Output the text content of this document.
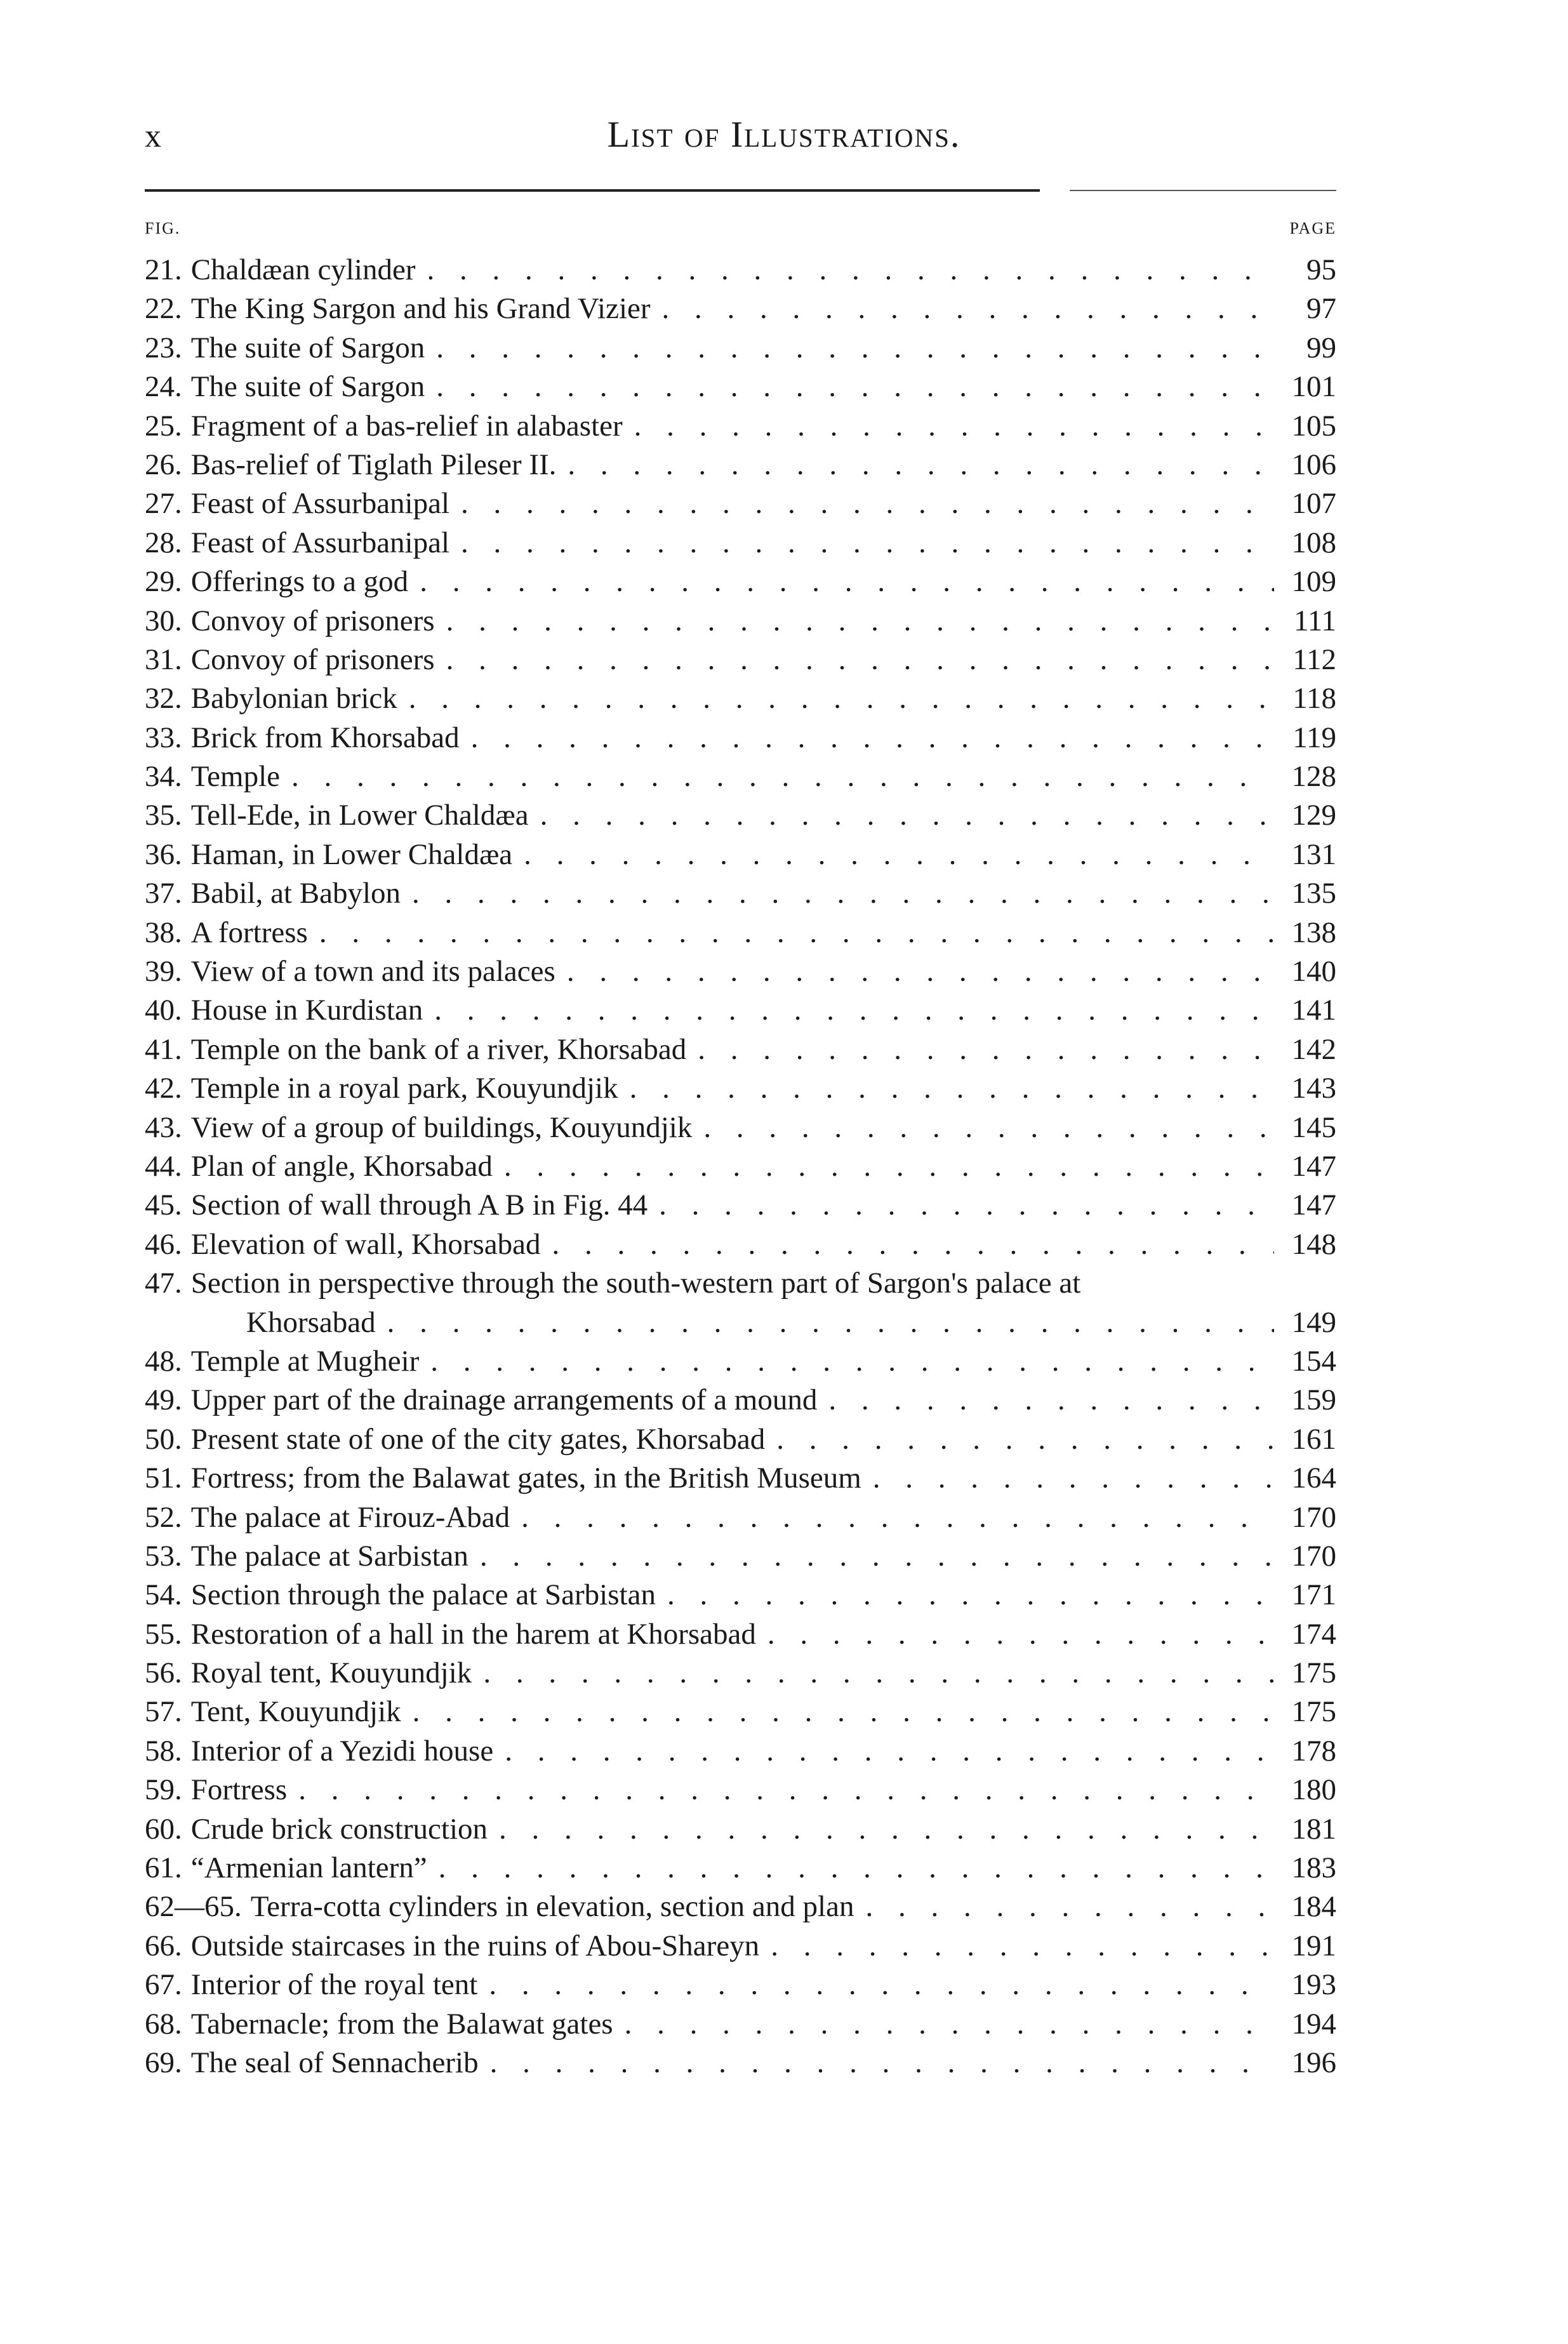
x	List of Illustrations.
FIG.	PAGE
21. Chaldæan cylinder . . .	95
22. The King Sargon and his Grand Vizier . . .	97
23. The suite of Sargon . . .	99
24. The suite of Sargon . . .	101
25. Fragment of a bas-relief in alabaster . . .	105
26. Bas-relief of Tiglath Pileser II. . . .	106
27. Feast of Assurbanipal . . .	107
28. Feast of Assurbanipal . . .	108
29. Offerings to a god . . .	109
30. Convoy of prisoners . . .	111
31. Convoy of prisoners . . .	112
32. Babylonian brick . . .	118
33. Brick from Khorsabad . . .	119
34. Temple . . .	128
35. Tell-Ede, in Lower Chaldæa . . .	129
36. Haman, in Lower Chaldæa . . .	131
37. Babil, at Babylon . . .	135
38. A fortress . . .	138
39. View of a town and its palaces . . .	140
40. House in Kurdistan . . .	141
41. Temple on the bank of a river, Khorsabad . . .	142
42. Temple in a royal park, Kouyundjik . . .	143
43. View of a group of buildings, Kouyundjik . . .	145
44. Plan of angle, Khorsabad . . .	147
45. Section of wall through A B in Fig. 44 . . .	147
46. Elevation of wall, Khorsabad . . .	148
47. Section in perspective through the south-western part of Sargon's palace at
Khorsabad . . .	149
48. Temple at Mugheir . . .	154
49. Upper part of the drainage arrangements of a mound . . .	159
50. Present state of one of the city gates, Khorsabad . . .	161
51. Fortress; from the Balawat gates, in the British Museum . . .	164
52. The palace at Firouz-Abad . . .	170
53. The palace at Sarbistan . . .	170
54. Section through the palace at Sarbistan . . .	171
55. Restoration of a hall in the harem at Khorsabad . . .	174
56. Royal tent, Kouyundjik . . .	175
57. Tent, Kouyundjik . . .	175
58. Interior of a Yezidi house . . .	178
59. Fortress . . .	180
60. Crude brick construction . . .	181
61. “Armenian lantern” . . .	183
62—65. Terra-cotta cylinders in elevation, section and plan . . .	184
66. Outside staircases in the ruins of Abou-Shareyn . . .	191
67. Interior of the royal tent . . .	193
68. Tabernacle; from the Balawat gates . . .	194
69. The seal of Sennacherib . . .	196
